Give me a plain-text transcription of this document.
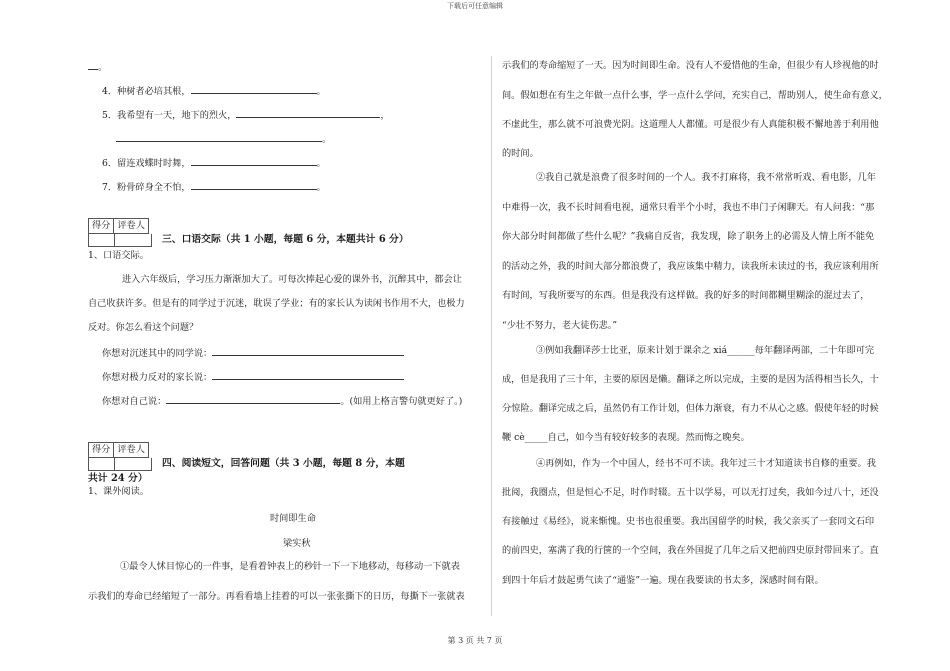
下载后可任意编辑
。
4．种树者必培其根，	。
5．我希望有一天，地下的烈火，	，
。
6．留连戏蝶时时舞，	。
7．粉骨碎身全不怕，	。
得分 评卷人
三、口语交际（共 1 小题，每题 6 分，本题共计 6 分）
1、口语交际。
进入六年级后，学习压力渐渐加大了。可每次捧起心爱的课外书，沉醉其中，都会让
自己收获许多。但是有的同学过于沉迷，耽误了学业；有的家长认为读闲书作用不大，也极力
反对。你怎么看这个问题？
你想对沉迷其中的同学说：
你想对极力反对的家长说：
你想对自己说：	。(如用上格言警句就更好了。)
得分 评卷人
四、阅读短文，回答问题（共 3 小题，每题 8 分，本题
共计 24 分）
1、课外阅读。
时间即生命
梁实秋
①最令人怵目惊心的一件事，是看着钟表上的秒针一下一下地移动，每移动一下就表
示我们的寿命已经缩短了一部分。再看看墙上挂着的可以一张张撕下的日历，每撕下一张就表
示我们的寿命缩短了一天。因为时间即生命。没有人不爱惜他的生命，但很少有人珍视他的时
间。假如想在有生之年做一点什么事，学一点什么学问，充实自己，帮助别人，使生命有意义，
不虚此生，那么就不可浪费光阴。这道理人人都懂。可是很少有人真能积极不懈地善于利用他
的时间。
②我自己就是浪费了很多时间的一个人。我不打麻将，我不常常听戏、看电影，几年
中难得一次，我不长时间看电视，通常只看半个小时，我也不串门子闲聊天。有人问我：“那
你大部分时间都做了些什么呢？”我痛自反省，我发现，除了职务上的必需及人情上所不能免
的活动之外，我的时间大部分都浪费了，我应该集中精力，读我所未读过的书，我应该利用所
有时间，写我所要写的东西。但是我没有这样做。我的好多的时间都糊里糊涂的混过去了，
“少壮不努力，老大徒伤悲。”
③例如我翻译莎士比亚，原来计划于课余之 xiá______每年翻译两部，二十年即可完
成，但是我用了三十年，主要的原因是懒。翻译之所以完成，主要的是因为活得相当长久，十
分惊险。翻译完成之后，虽然仍有工作计划，但体力渐衰，有力不从心之感。假使年轻的时候
鞭 cè_____自己，如今当有较好较多的表现。然而悔之晚矣。
④再例如，作为一个中国人，经书不可不读。我年过三十才知道读书自修的重要。我
批阅，我圈点，但是恒心不足，时作时辍。五十以学易，可以无打过矣，我如今过八十，还没
有接触过《易经》，说来惭愧。史书也很重要。我出国留学的时候，我父亲买了一套同文石印
的前四史，塞满了我的行箧的一个空间，我在外国捉了几年之后又把前四史原封带回来了。直
到四十年后才鼓起勇气读了“通鉴”一遍。现在我要读的书太多，深感时间有限。
第 3 页 共 7 页
